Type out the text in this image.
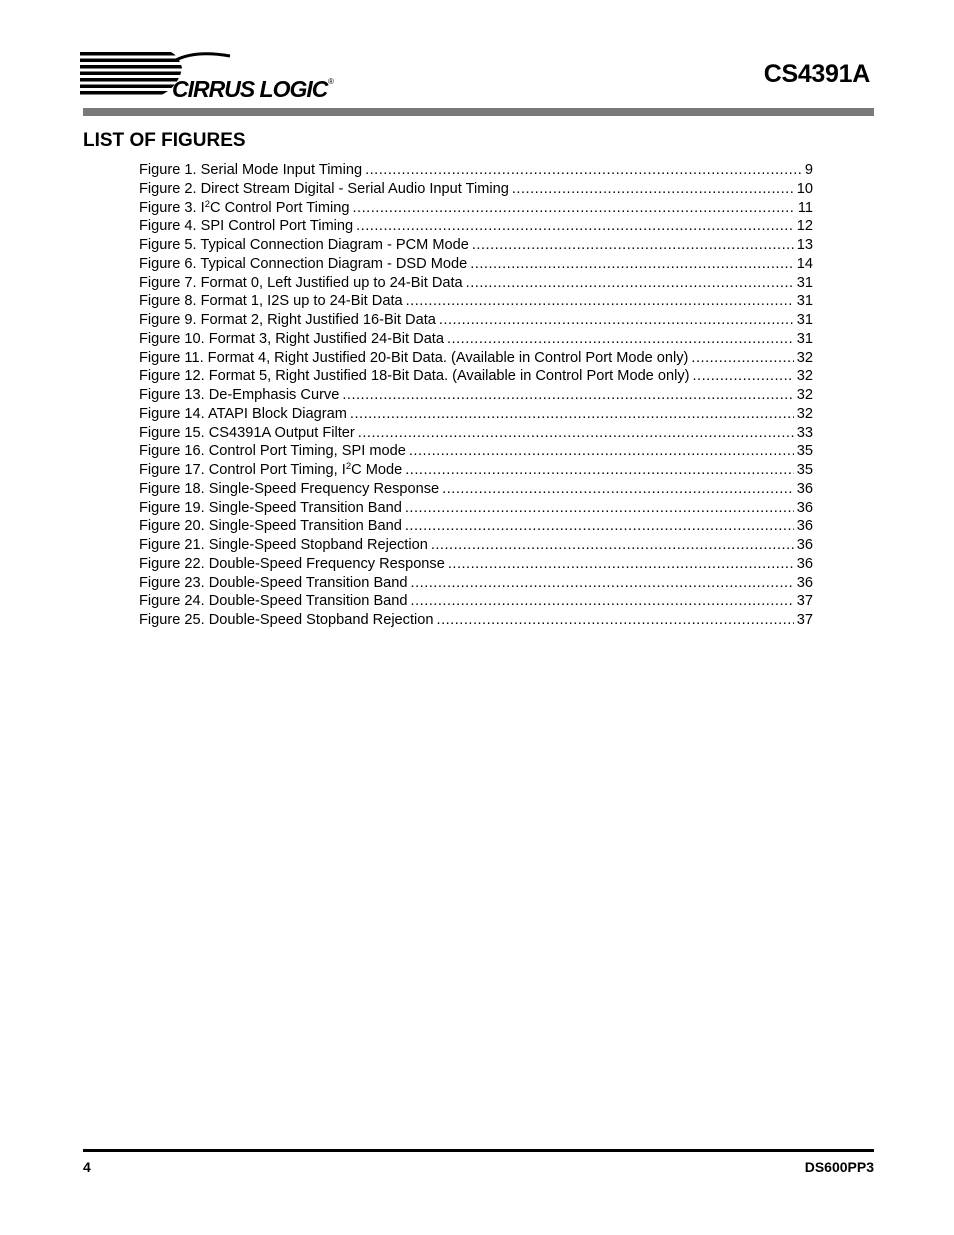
CIRRUS LOGIC ®	CS4391A
LIST OF FIGURES
Figure 1. Serial Mode Input Timing .....	9
Figure 2. Direct Stream Digital - Serial Audio Input Timing .....	10
Figure 3. $I^2C$ Control Port Timing .....	11
Figure 4. SPI Control Port Timing .....	12
Figure 5. Typical Connection Diagram - PCM Mode .....	13
Figure 6. Typical Connection Diagram - DSD Mode .....	14
Figure 7. Format 0, Left Justified up to 24-Bit Data .....	31
Figure 8. Format 1, I2S up to 24-Bit Data .....	31
Figure 9. Format 2, Right Justified 16-Bit Data .....	31
Figure 10. Format 3, Right Justified 24-Bit Data .....	31
Figure 11. Format 4, Right Justified 20-Bit Data. (Available in Control Port Mode only) .....	32
Figure 12. Format 5, Right Justified 18-Bit Data. (Available in Control Port Mode only) .....	32
Figure 13. De-Emphasis Curve .....	32
Figure 14. ATAPI Block Diagram .....	32
Figure 15. CS4391A Output Filter .....	33
Figure 16. Control Port Timing, SPI mode .....	35
Figure 17. Control Port Timing, $I^2C$ Mode .....	35
Figure 18. Single-Speed Frequency Response .....	36
Figure 19. Single-Speed Transition Band .....	36
Figure 20. Single-Speed Transition Band .....	36
Figure 21. Single-Speed Stopband Rejection .....	36
Figure 22. Double-Speed Frequency Response .....	36
Figure 23. Double-Speed Transition Band .....	36
Figure 24. Double-Speed Transition Band .....	37
Figure 25. Double-Speed Stopband Rejection .....	37
4	DS600PP3
